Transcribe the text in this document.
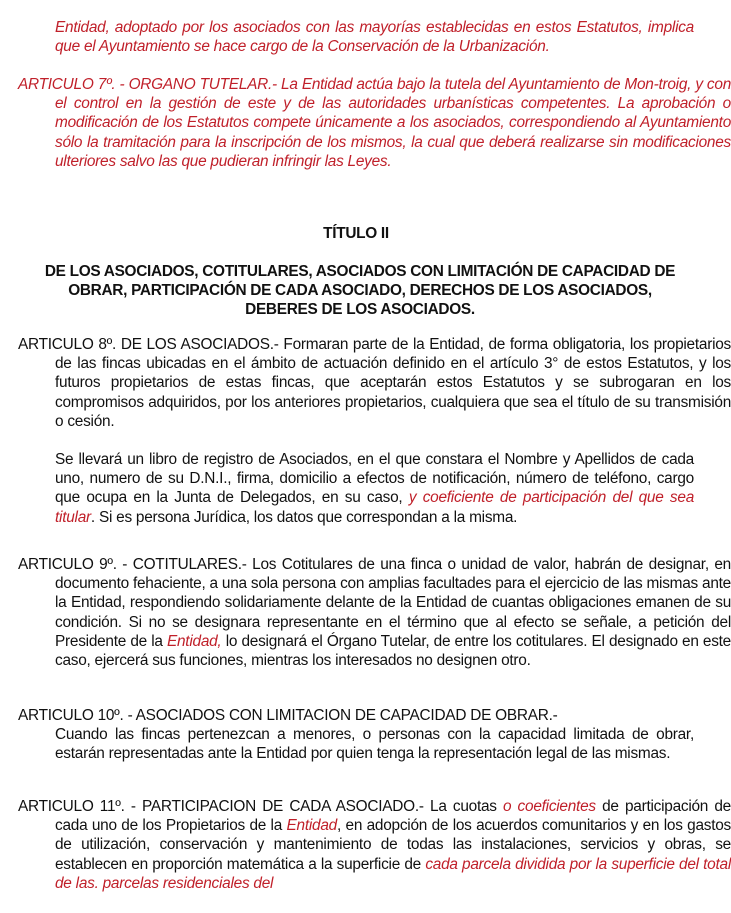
Entidad, adoptado por los asociados con las mayorías establecidas en estos Estatutos, implica que el Ayuntamiento se hace cargo de la Conservación de la Urbanización.
ARTICULO 7º. - ORGANO TUTELAR.- La Entidad actúa bajo la tutela del Ayuntamiento de Mon-troig, y con el control en la gestión de este y de las autoridades urbanísticas competentes. La aprobación o modificación de los Estatutos compete únicamente a los asociados, correspondiendo al Ayuntamiento sólo la tramitación para la inscripción de los mismos, la cual que deberá realizarse sin modificaciones ulteriores salvo las que pudieran infringir las Leyes.
TÍTULO II
DE LOS ASOCIADOS, COTITULARES, ASOCIADOS CON LIMITACIÓN DE CAPACIDAD DE OBRAR, PARTICIPACIÓN DE CADA ASOCIADO, DERECHOS DE LOS ASOCIADOS, DEBERES DE LOS ASOCIADOS.
ARTICULO 8º. DE LOS ASOCIADOS.- Formaran parte de la Entidad, de forma obligatoria, los propietarios de las fincas ubicadas en el ámbito de actuación definido en el artículo 3° de estos Estatutos, y los futuros propietarios de estas fincas, que aceptarán estos Estatutos y se subrogaran en los compromisos adquiridos, por los anteriores propietarios, cualquiera que sea el título de su transmisión o cesión.
Se llevará un libro de registro de Asociados, en el que constara el Nombre y Apellidos de cada uno, numero de su D.N.I., firma, domicilio a efectos de notificación, número de teléfono, cargo que ocupa en la Junta de Delegados, en su caso, y coeficiente de participación del que sea titular. Si es persona Jurídica, los datos que correspondan a la misma.
ARTICULO 9º. - COTITULARES.- Los Cotitulares de una finca o unidad de valor, habrán de designar, en documento fehaciente, a una sola persona con amplias facultades para el ejercicio de las mismas ante la Entidad, respondiendo solidariamente delante de la Entidad de cuantas obligaciones emanen de su condición. Si no se designara representante en el término que al efecto se señale, a petición del Presidente de la Entidad, lo designará el Órgano Tutelar, de entre los cotitulares. El designado en este caso, ejercerá sus funciones, mientras los interesados no designen otro.
ARTICULO 10º. - ASOCIADOS CON LIMITACION DE CAPACIDAD DE OBRAR.-
Cuando las fincas pertenezcan a menores, o personas con la capacidad limitada de obrar, estarán representadas ante la Entidad por quien tenga la representación legal de las mismas.
ARTICULO 11º. - PARTICIPACION DE CADA ASOCIADO.- La cuotas o coeficientes de participación de cada uno de los Propietarios de la Entidad, en adopción de los acuerdos comunitarios y en los gastos de utilización, conservación y mantenimiento de todas las instalaciones, servicios y obras, se establecen en proporción matemática a la superficie de cada parcela dividida por la superficie del total de las. parcelas residenciales del
